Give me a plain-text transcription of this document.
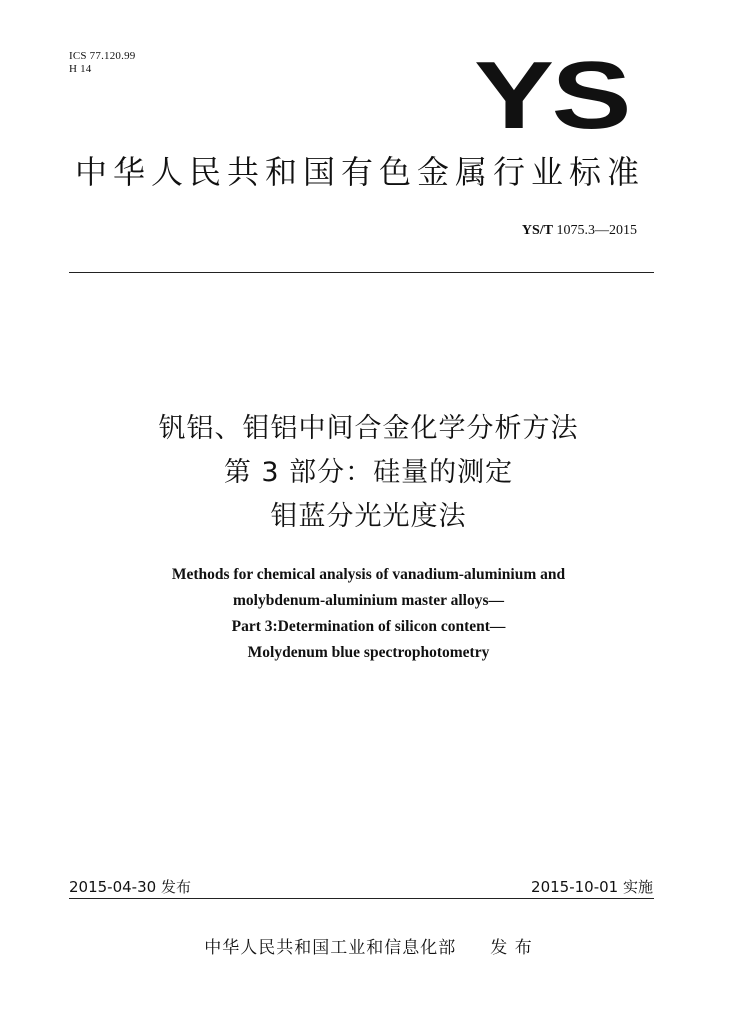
ICS 77.120.99
H 14	YS
中华人民共和国有色金属行业标准
YS/T 1075.3—2015
钒铝、钼铝中间合金化学分析方法
第 3 部分：硅量的测定
钼蓝分光光度法
Methods for chemical analysis of vanadium-aluminium and
molybdenum-aluminium master alloys—
Part 3:Determination of silicon content—
Molydenum blue spectrophotometry
2015-04-30 发布	2015-10-01 实施
中华人民共和国工业和信息化部 发 布
